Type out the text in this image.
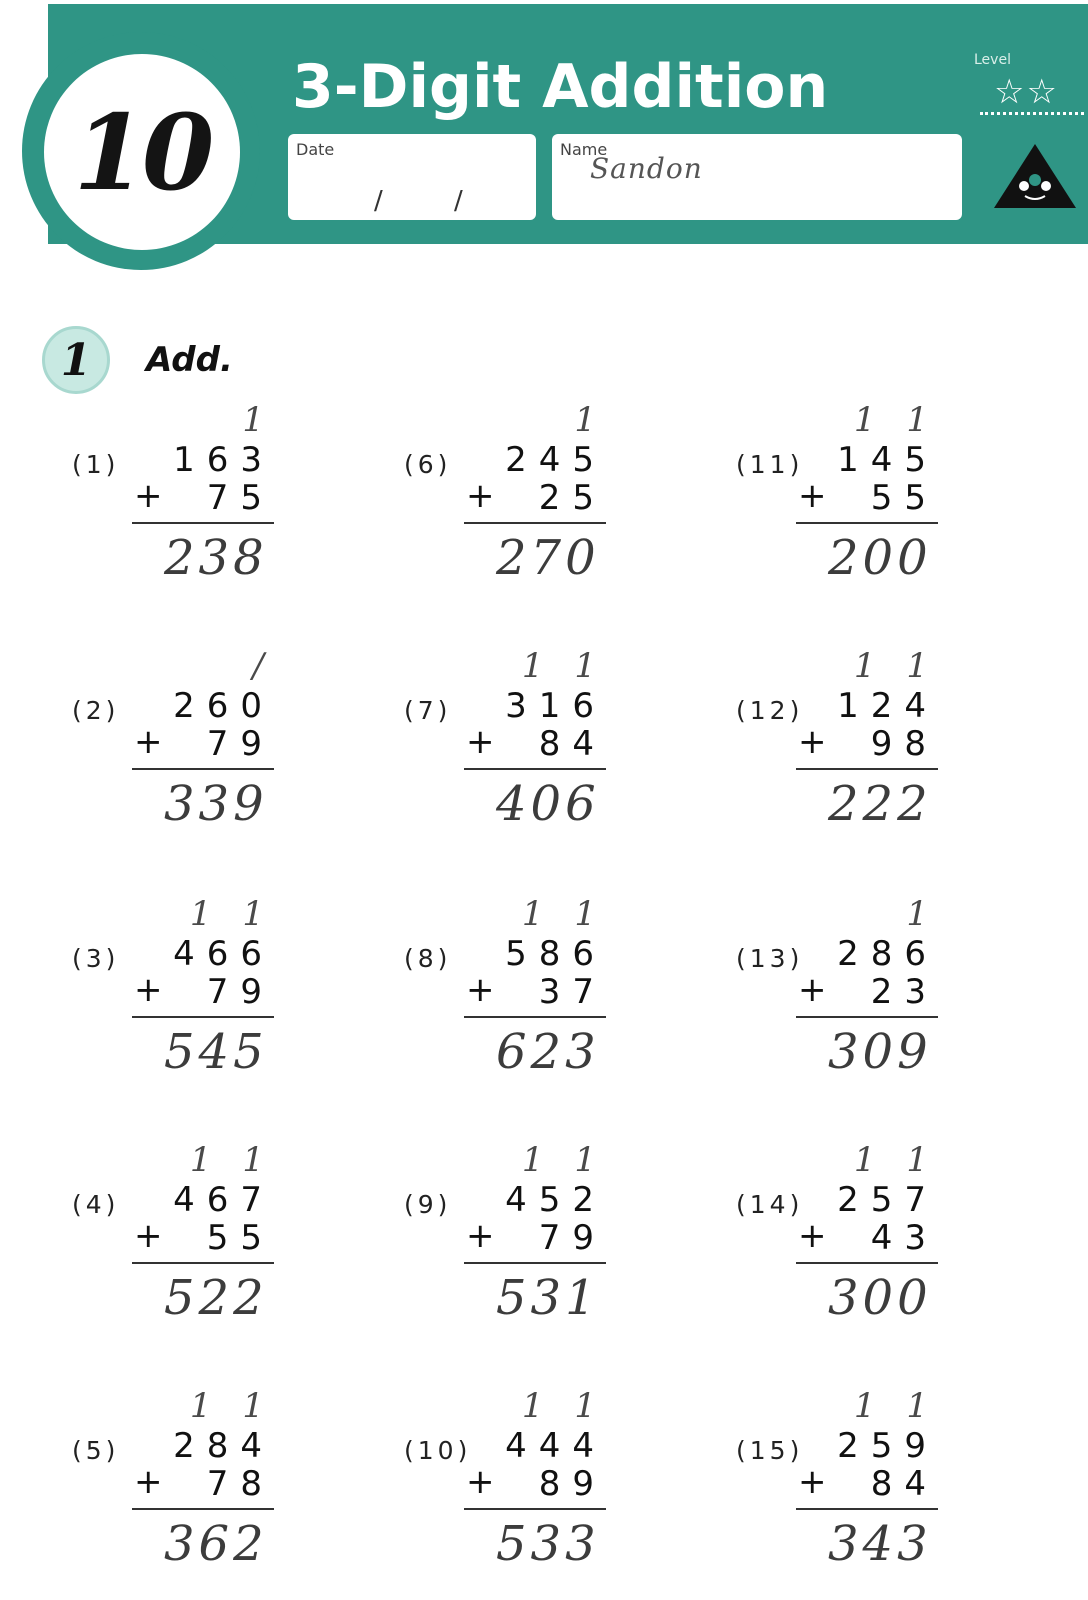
10
3-Digit Addition
Date
/	/
Name
Sandon
Level
☆☆
1 Add.
1
(1) 163
+	75
238
/
(2) 260
+	79
339
1 1
(3) 466
+	79
545
1 1
(4) 467
+	55
522
1 1
(5) 284
+	78
362
1
(6) 245
+	25
270
1 1
(7) 316
+	84
406
1 1
(8) 586
+	37
623
1 1
(9) 452
+	79
531
1 1
(10) 444
+	89
533
1 1
(11) 145
+	55
200
1 1
(12) 124
+	98
222
1
(13) 286
+	23
309
1 1
(14) 257
+	43
300
1 1
(15) 259
+	84
343
